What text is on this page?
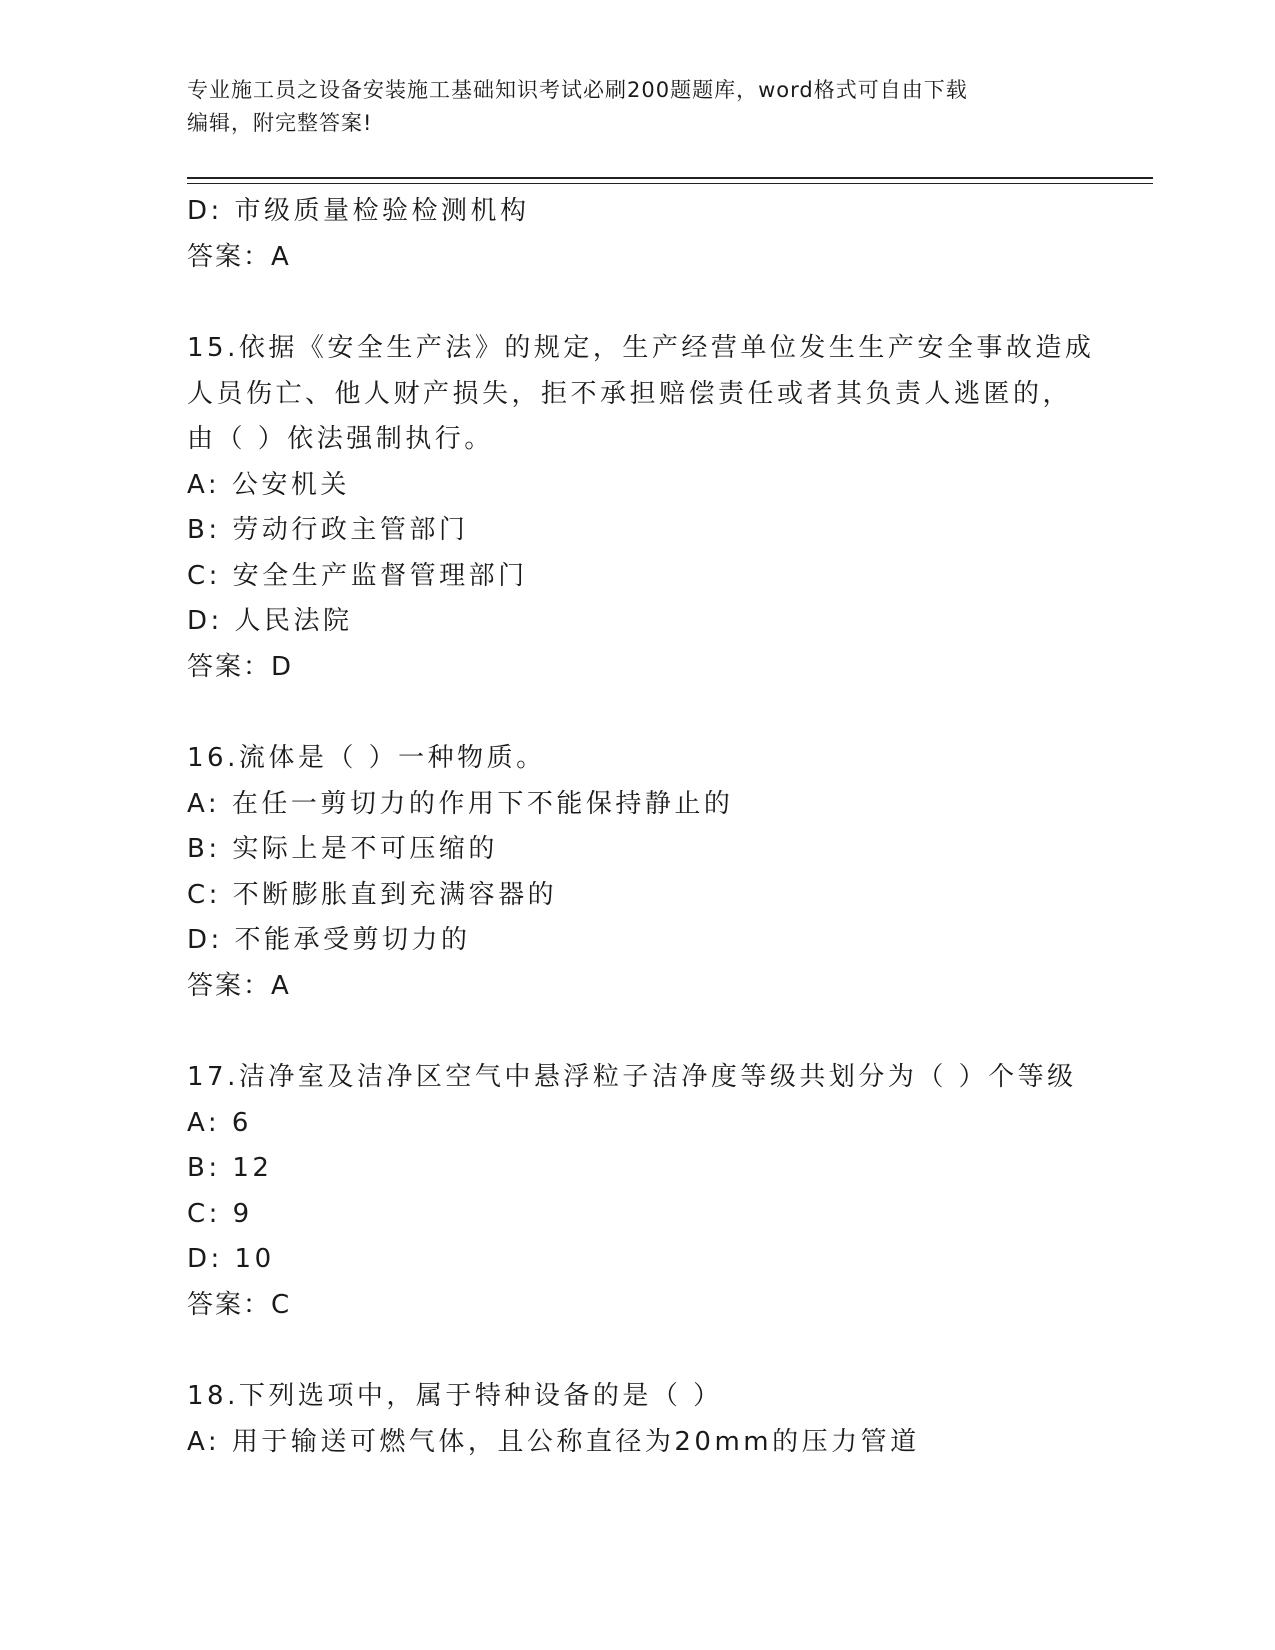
专业施工员之设备安装施工基础知识考试必刷200题题库，word格式可自由下载
编辑，附完整答案!
D: 市级质量检验检测机构
答案：A
15.依据《安全生产法》的规定，生产经营单位发生生产安全事故造成
人员伤亡、他人财产损失，拒不承担赔偿责任或者其负责人逃匿的，
由（ ）依法强制执行。
A: 公安机关
B: 劳动行政主管部门
C: 安全生产监督管理部门
D: 人民法院
答案：D
16.流体是（ ）一种物质。
A: 在任一剪切力的作用下不能保持静止的
B: 实际上是不可压缩的
C: 不断膨胀直到充满容器的
D: 不能承受剪切力的
答案：A
17.洁净室及洁净区空气中悬浮粒子洁净度等级共划分为（ ）个等级
A: 6
B: 12
C: 9
D: 10
答案：C
18.下列选项中，属于特种设备的是（ ）
A: 用于输送可燃气体，且公称直径为20mm的压力管道
